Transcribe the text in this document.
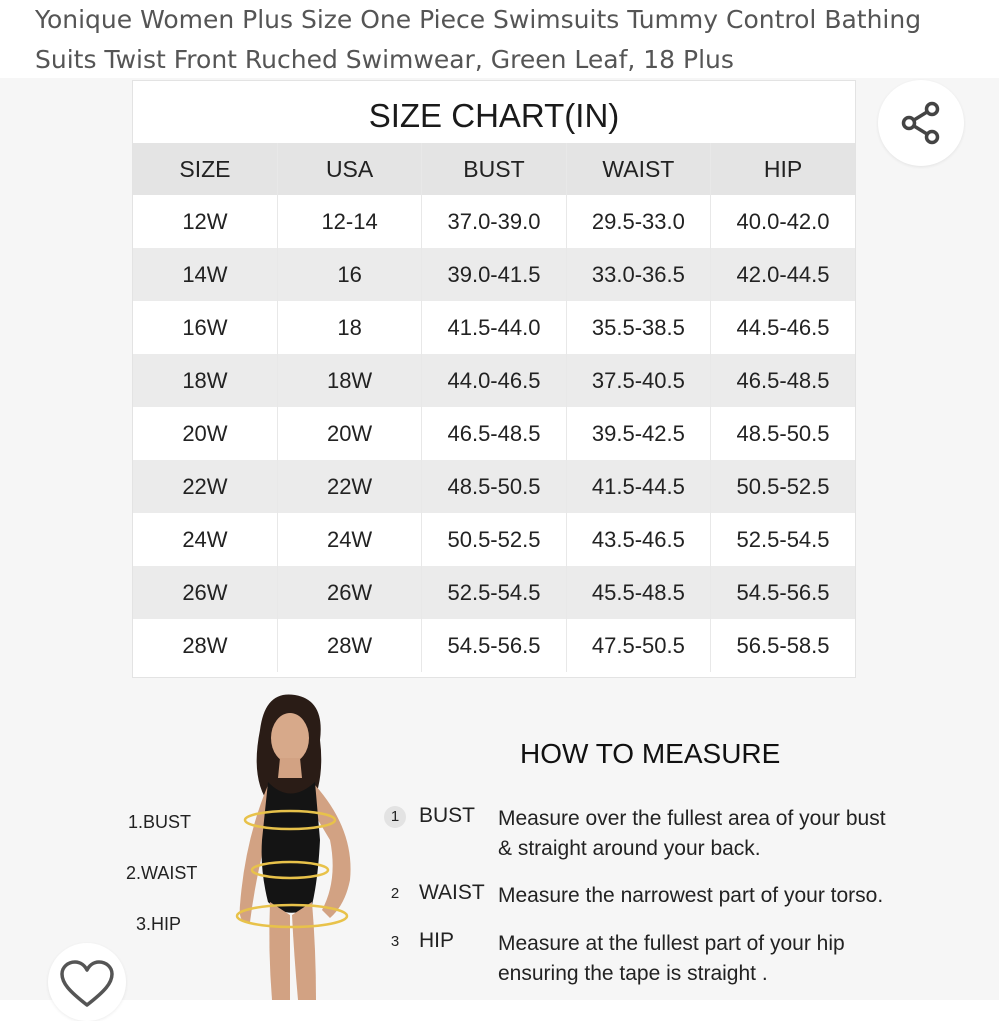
Yonique Women Plus Size One Piece Swimsuits Tummy Control Bathing Suits Twist Front Ruched Swimwear, Green Leaf, 18 Plus
SIZE CHART(IN)
SIZE	USA	BUST	WAIST	HIP
12W	12-14	37.0-39.0	29.5-33.0	40.0-42.0
14W	16	39.0-41.5	33.0-36.5	42.0-44.5
16W	18	41.5-44.0	35.5-38.5	44.5-46.5
18W	18W	44.0-46.5	37.5-40.5	46.5-48.5
20W	20W	46.5-48.5	39.5-42.5	48.5-50.5
22W	22W	48.5-50.5	41.5-44.5	50.5-52.5
24W	24W	50.5-52.5	43.5-46.5	52.5-54.5
26W	26W	52.5-54.5	45.5-48.5	54.5-56.5
28W	28W	54.5-56.5	47.5-50.5	56.5-58.5
1.BUST
2.WAIST
3.HIP
HOW TO MEASURE
1 BUST Measure over the fullest area of your bust & straight around your back.
2 WAIST Measure the narrowest part of your torso.
3 HIP Measure at the fullest part of your hip ensuring the tape is straight .
